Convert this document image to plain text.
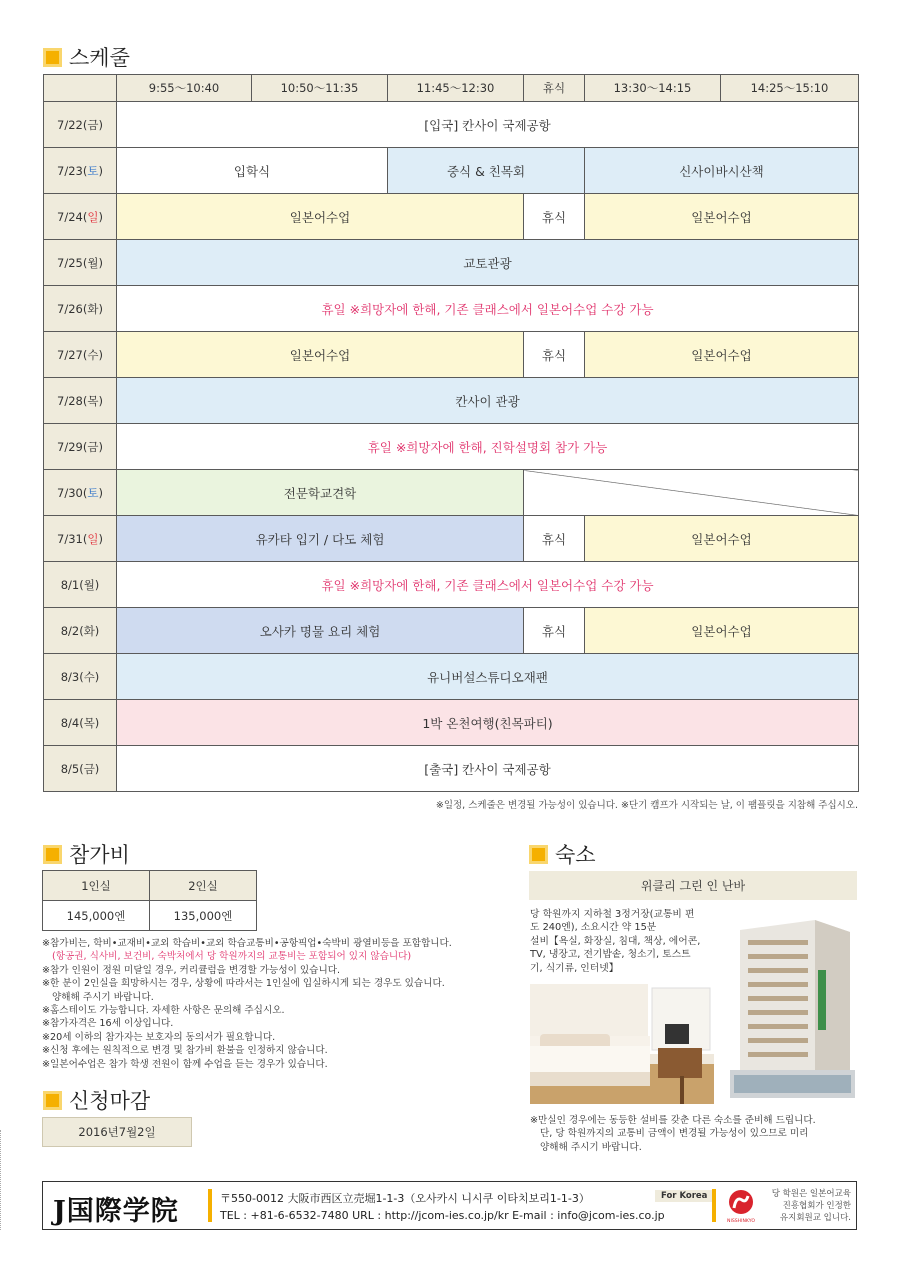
스케줄
	9:55～10:40	10:50～11:35	11:45～12:30	휴식	13:30～14:15	14:25～15:10
7/22(금)	[입국] 칸사이 국제공항					
7/23(토)	입학식		중식 & 친목회		신사이바시산책	
7/24(일)	일본어수업			휴식	일본어수업	
7/25(월)	교토관광					
7/26(화)	휴일 ※희망자에 한해, 기존 클래스에서 일본어수업 수강 가능					
7/27(수)	일본어수업			휴식	일본어수업	
7/28(목)	칸사이 관광					
7/29(금)	휴일 ※희망자에 한해, 진학설명회 참가 가능					
7/30(토)	전문학교견학					
7/31(일)	유카타 입기 / 다도 체험			휴식	일본어수업	
8/1(월)	휴일 ※희망자에 한해, 기존 클래스에서 일본어수업 수강 가능					
8/2(화)	오사카 명물 요리 체험			휴식	일본어수업	
8/3(수)	유니버설스튜디오재팬					
8/4(목)	1박 온천여행(친목파티)					
8/5(금)	[출국] 칸사이 국제공항					
※일정, 스케줄은 변경될 가능성이 있습니다. ※단기 캠프가 시작되는 날, 이 팸플릿을 지참해 주십시오.
참가비
1인실	2인실
145,000엔	135,000엔
※참가비는, 학비•교재비•교외 학습비•교외 학습교통비•공항픽업•숙박비 광열비등을 포함합니다.
(항공권, 식사비, 보건비, 숙박처에서 당 학원까지의 교통비는 포함되어 있지 않습니다)
※참가 인원이 정원 미달일 경우, 커리큘럼을 변경할 가능성이 있습니다.
※한 분이 2인실을 희망하시는 경우, 상황에 따라서는 1인실에 입실하시게 되는 경우도 있습니다.
양해해 주시기 바랍니다.
※홈스테이도 가능합니다. 자세한 사항은 문의해 주십시오.
※참가자격은 16세 이상입니다.
※20세 이하의 참가자는 보호자의 동의서가 필요합니다.
※신청 후에는 원칙적으로 변경 및 참가비 환불을 인정하지 않습니다.
※일본어수업은 참가 학생 전원이 함께 수업을 듣는 경우가 있습니다.
신청마감
2016년7월2일
숙소
위클리 그린 인 난바
당 학원까지 지하철 3정거장(교통비 편
도 240엔), 소요시간 약 15분
설비【욕실, 화장실, 침대, 책상, 에어콘,
TV, 냉장고, 전기밥솥, 청소기, 토스트
기, 식기류, 인터넷】
※만실인 경우에는 동등한 설비를 갖춘 다른 숙소를 준비해 드립니다.
단, 당 학원까지의 교통비 금액이 변경될 가능성이 있으므로 미리
양해해 주시기 바랍니다.
J国際学院	〒550-0012 大阪市西区立売堀1-1-3（오사카시 니시쿠 이타치보리1-1-3）
TEL : +81-6-6532-7480 URL : http://jcom-ies.co.jp/kr E-mail : info@jcom-ies.co.jp
For Korea
NISSHINKYO
당 학원은 일본어교육
진흥협회가 인정한
유지회원교 입니다.
